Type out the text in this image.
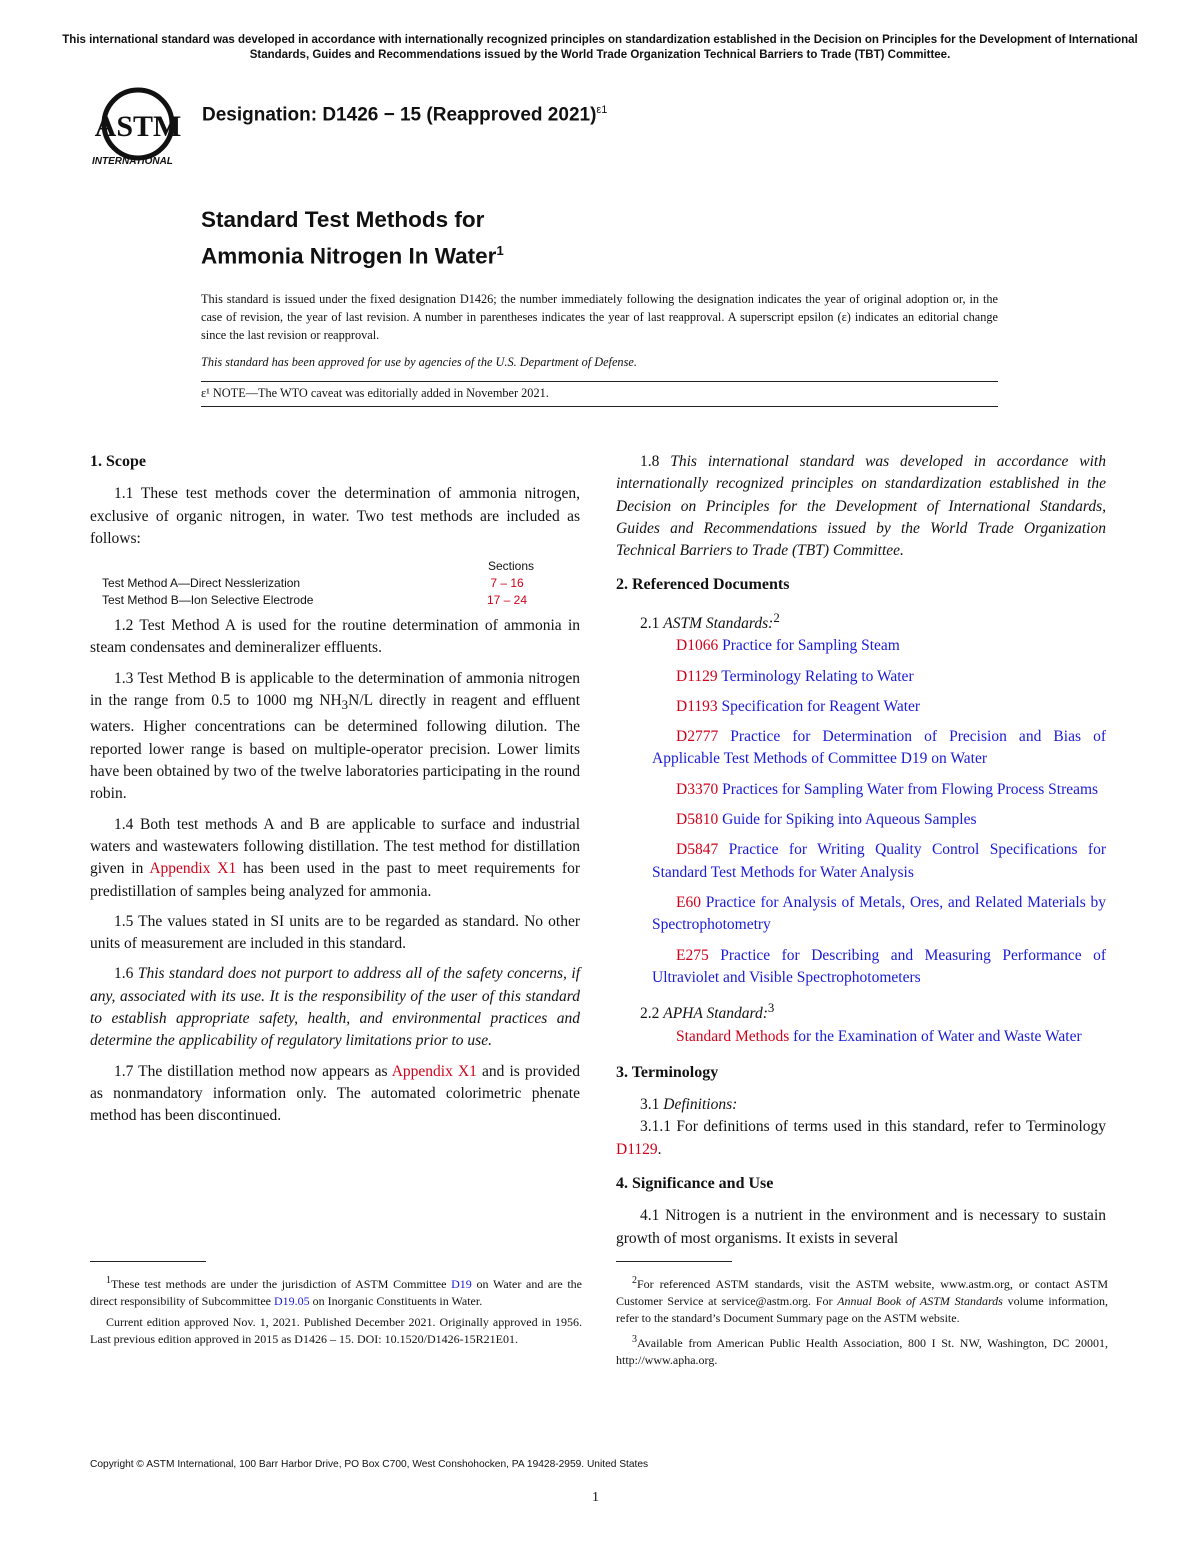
This international standard was developed in accordance with internationally recognized principles on standardization established in the Decision on Principles for the Development of International Standards, Guides and Recommendations issued by the World Trade Organization Technical Barriers to Trade (TBT) Committee.
ASTM
INTERNATIONAL
Designation: D1426 − 15 (Reapproved 2021)$^{\varepsilon 1}$
Standard Test Methods for
Ammonia Nitrogen In Water$^1$
This standard is issued under the fixed designation D1426; the number immediately following the designation indicates the year of original adoption or, in the case of revision, the year of last revision. A number in parentheses indicates the year of last reapproval. A superscript epsilon (ε) indicates an editorial change since the last revision or reapproval.
This standard has been approved for use by agencies of the U.S. Department of Defense.
ε¹ NOTE—The WTO caveat was editorially added in November 2021.
1. Scope

1.1 These test methods cover the determination of ammonia nitrogen, exclusive of organic nitrogen, in water. Two test methods are included as follows:

Sections
Test Method A—Direct Nesslerization	7 – 16
Test Method B—Ion Selective Electrode	17 – 24

1.2 Test Method A is used for the routine determination of ammonia in steam condensates and demineralizer effluents.

1.3 Test Method B is applicable to the determination of ammonia nitrogen in the range from 0.5 to 1000 mg $NH_3N/L$ directly in reagent and effluent waters. Higher concentrations can be determined following dilution. The reported lower range is based on multiple-operator precision. Lower limits have been obtained by two of the twelve laboratories participating in the round robin.

1.4 Both test methods A and B are applicable to surface and industrial waters and wastewaters following distillation. The test method for distillation given in Appendix X1 has been used in the past to meet requirements for predistillation of samples being analyzed for ammonia.

1.5 The values stated in SI units are to be regarded as standard. No other units of measurement are included in this standard.

1.6 This standard does not purport to address all of the safety concerns, if any, associated with its use. It is the responsibility of the user of this standard to establish appropriate safety, health, and environmental practices and determine the applicability of regulatory limitations prior to use.

1.7 The distillation method now appears as Appendix X1 and is provided as nonmandatory information only. The automated colorimetric phenate method has been discontinued.

1.8 This international standard was developed in accordance with internationally recognized principles on standardization established in the Decision on Principles for the Development of International Standards, Guides and Recommendations issued by the World Trade Organization Technical Barriers to Trade (TBT) Committee.

2. Referenced Documents

2.1 ASTM Standards:$^2$

D1066 Practice for Sampling Steam

D1129 Terminology Relating to Water

D1193 Specification for Reagent Water

D2777 Practice for Determination of Precision and Bias of Applicable Test Methods of Committee D19 on Water

D3370 Practices for Sampling Water from Flowing Process Streams

D5810 Guide for Spiking into Aqueous Samples

D5847 Practice for Writing Quality Control Specifications for Standard Test Methods for Water Analysis

E60 Practice for Analysis of Metals, Ores, and Related Materials by Spectrophotometry

E275 Practice for Describing and Measuring Performance of Ultraviolet and Visible Spectrophotometers

2.2 APHA Standard:$^3$

Standard Methods for the Examination of Water and Waste Water

3. Terminology

3.1 Definitions:

3.1.1 For definitions of terms used in this standard, refer to Terminology D1129.

4. Significance and Use

4.1 Nitrogen is a nutrient in the environment and is necessary to sustain growth of most organisms. It exists in several

$^1$These test methods are under the jurisdiction of ASTM Committee D19 on Water and are the direct responsibility of Subcommittee D19.05 on Inorganic Constituents in Water.

Current edition approved Nov. 1, 2021. Published December 2021. Originally approved in 1956. Last previous edition approved in 2015 as D1426 – 15. DOI: 10.1520/D1426-15R21E01.

$^2$For referenced ASTM standards, visit the ASTM website, www.astm.org, or contact ASTM Customer Service at service@astm.org. For Annual Book of ASTM Standards volume information, refer to the standard’s Document Summary page on the ASTM website.

$^3$Available from American Public Health Association, 800 I St. NW, Washington, DC 20001, http://www.apha.org.

Copyright © ASTM International, 100 Barr Harbor Drive, PO Box C700, West Conshohocken, PA 19428-2959. United States
1
